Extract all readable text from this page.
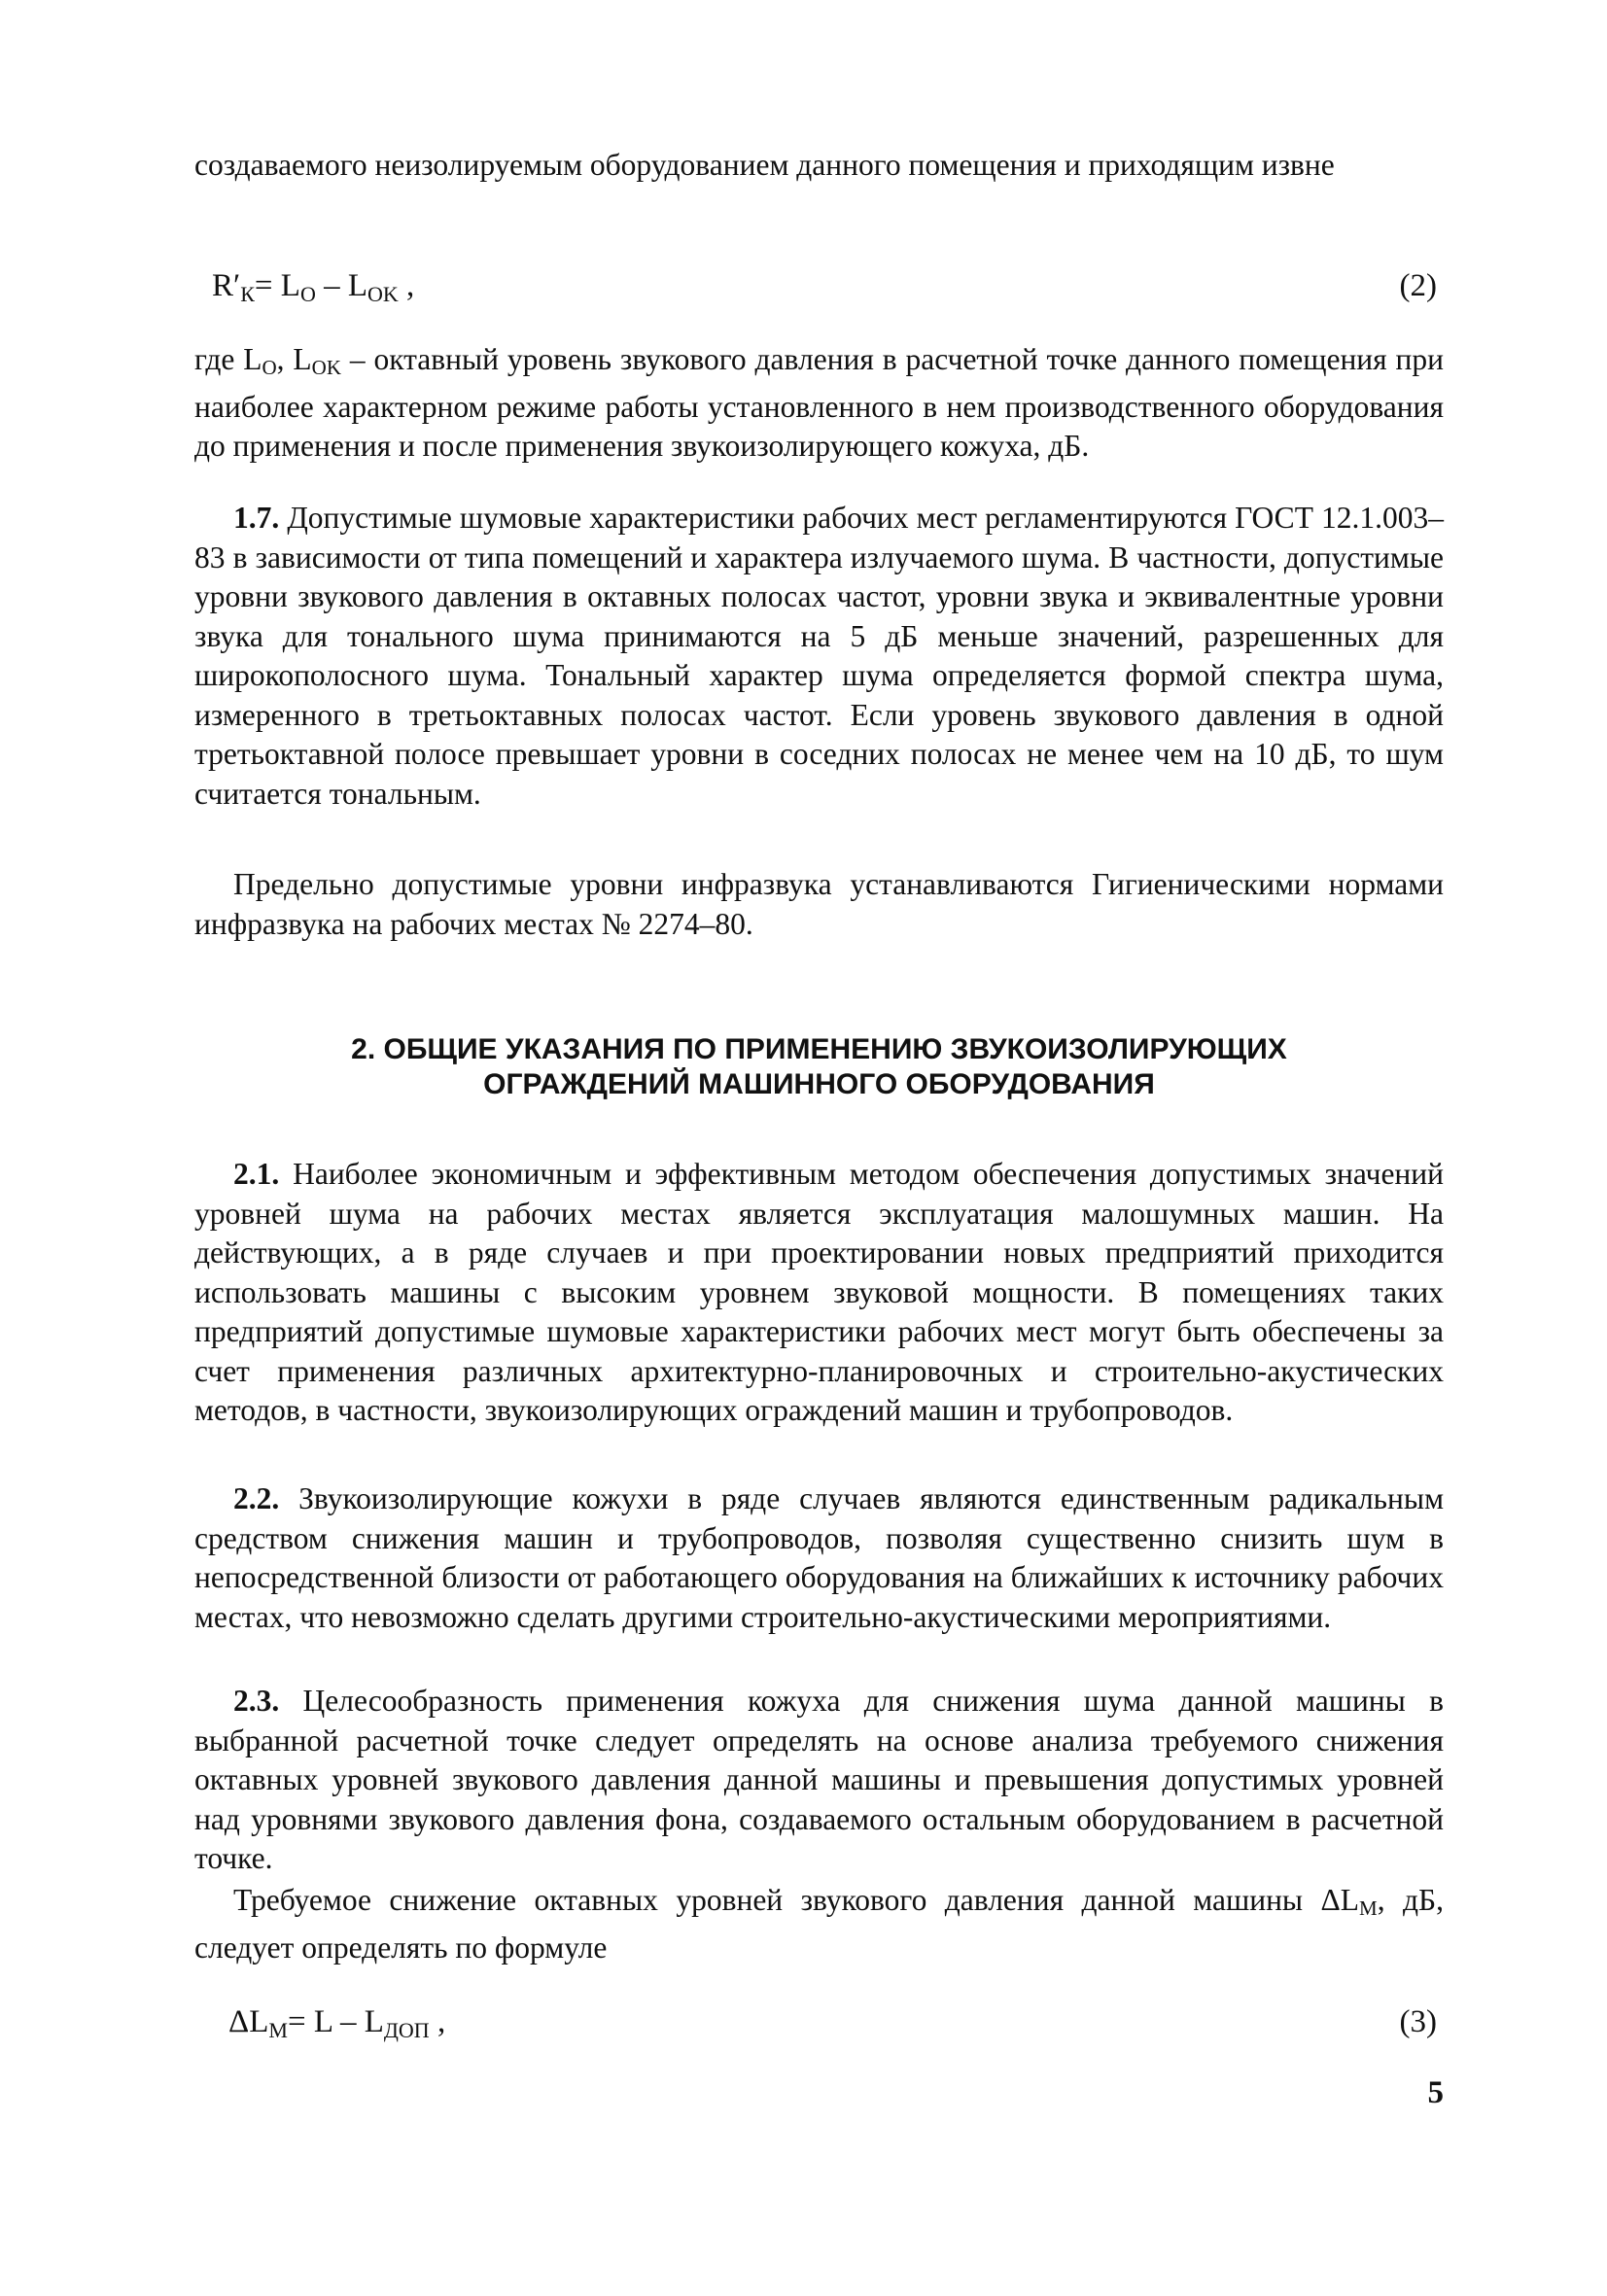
создаваемого неизолируемым оборудованием данного помещения и приходящим извне

$R'_К= L_O - L_{OK}$ ,	(2)

где $L_O$, $L_{OK}$ – октавный уровень звукового давления в расчетной точке данного помещения при наиболее характерном режиме работы установленного в нем производственного оборудования до применения и после применения звукоизолирующего кожуха, дБ.

1.7. Допустимые шумовые характеристики рабочих мест регламентируются ГОСТ 12.1.003–83 в зависимости от типа помещений и характера излучаемого шума. В частности, допустимые уровни звукового давления в октавных полосах частот, уровни звука и эквивалентные уровни звука для тонального шума принимаются на 5 дБ меньше значений, разрешенных для широкополосного шума. Тональный характер шума определяется формой спектра шума, измеренного в третьоктавных полосах частот. Если уровень звукового давления в одной третьоктавной полосе превышает уровни в соседних полосах не менее чем на 10 дБ, то шум считается тональным.

Предельно допустимые уровни инфразвука устанавливаются Гигиеническими нормами инфразвука на рабочих местах № 2274–80.

2. ОБЩИЕ УКАЗАНИЯ ПО ПРИМЕНЕНИЮ ЗВУКОИЗОЛИРУЮЩИХ
ОГРАЖДЕНИЙ МАШИННОГО ОБОРУДОВАНИЯ

2.1. Наиболее экономичным и эффективным методом обеспечения допустимых значений уровней шума на рабочих местах является эксплуатация малошумных машин. На действующих, а в ряде случаев и при проектировании новых предприятий приходится использовать машины с высоким уровнем звуковой мощности. В помещениях таких предприятий допустимые шумовые характеристики рабочих мест могут быть обеспечены за счет применения различных архитектурно-планировочных и строительно-акустических методов, в частности, звукоизолирующих ограждений машин и трубопроводов.

2.2. Звукоизолирующие кожухи в ряде случаев являются единственным радикальным средством снижения машин и трубопроводов, позволяя существенно снизить шум в непосредственной близости от работающего оборудования на ближайших к источнику рабочих местах, что невозможно сделать другими строительно-акустическими мероприятиями.

2.3. Целесообразность применения кожуха для снижения шума данной машины в выбранной расчетной точке следует определять на основе анализа требуемого снижения октавных уровней звукового давления данной машины и превышения допустимых уровней над уровнями звукового давления фона, создаваемого остальным оборудованием в расчетной точке.

Требуемое снижение октавных уровней звукового давления данной машины $\Delta L_M$, дБ, следует определять по формуле

$\Delta L_M= L - L_{ДОП}$ ,	(3)
5
